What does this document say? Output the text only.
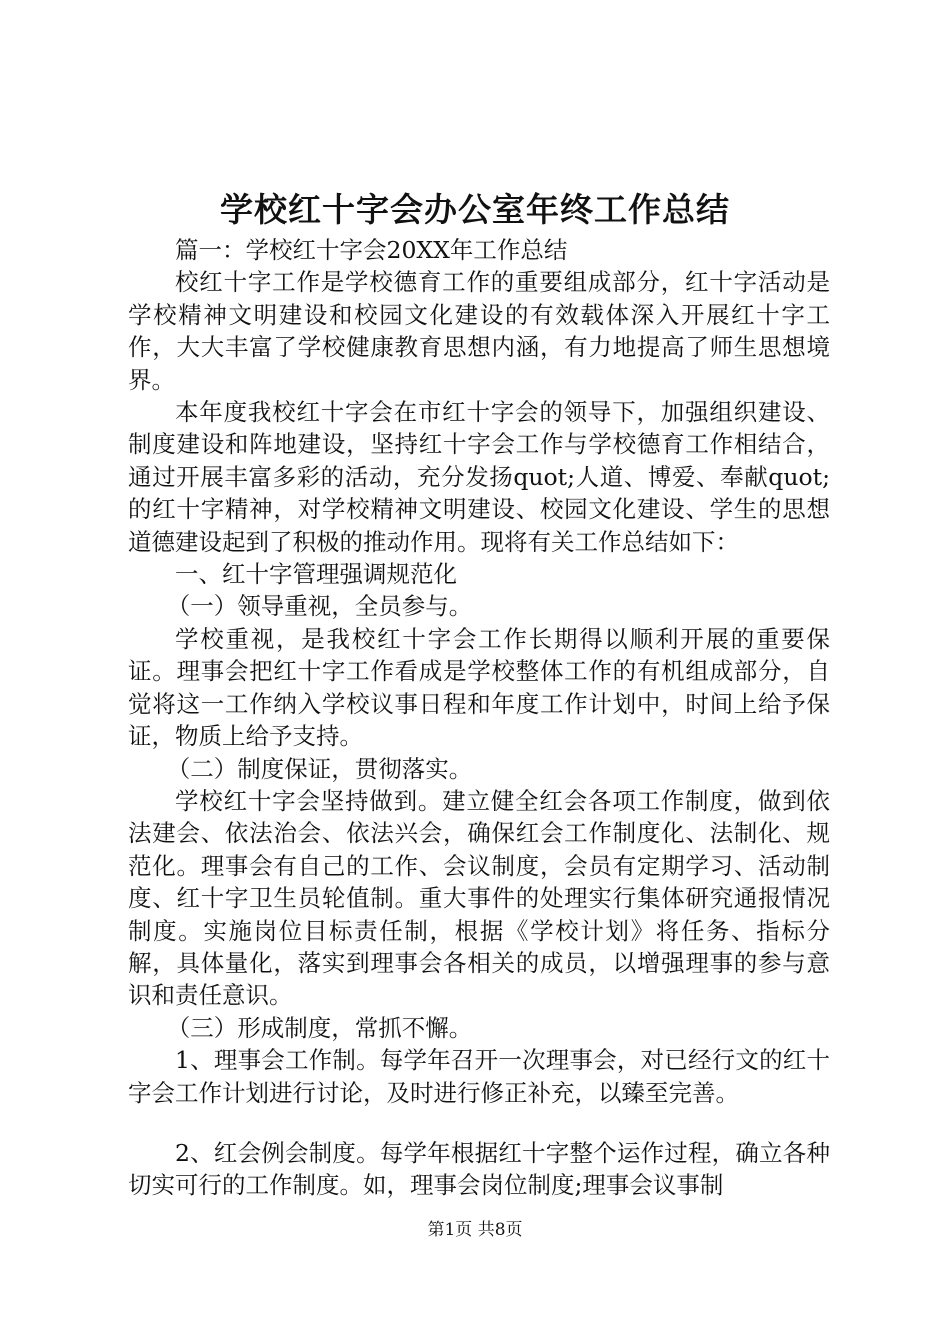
学校红十字会办公室年终工作总结

篇一：学校红十字会20XX年工作总结

校红十字工作是学校德育工作的重要组成部分，红十字活动是学校精神文明建设和校园文化建设的有效载体深入开展红十字工作，大大丰富了学校健康教育思想内涵，有力地提高了师生思想境界。

本年度我校红十字会在市红十字会的领导下，加强组织建设、制度建设和阵地建设，坚持红十字会工作与学校德育工作相结合，通过开展丰富多彩的活动，充分发扬quot;人道、博爱、奉献quot;的红十字精神，对学校精神文明建设、校园文化建设、学生的思想道德建设起到了积极的推动作用。现将有关工作总结如下：

一、红十字管理强调规范化

（一）领导重视，全员参与。

学校重视，是我校红十字会工作长期得以顺利开展的重要保证。理事会把红十字工作看成是学校整体工作的有机组成部分，自觉将这一工作纳入学校议事日程和年度工作计划中，时间上给予保证，物质上给予支持。

（二）制度保证，贯彻落实。

学校红十字会坚持做到。建立健全红会各项工作制度，做到依法建会、依法治会、依法兴会，确保红会工作制度化、法制化、规范化。理事会有自己的工作、会议制度，会员有定期学习、活动制度、红十字卫生员轮值制。重大事件的处理实行集体研究通报情况制度。实施岗位目标责任制，根据《学校计划》将任务、指标分解，具体量化，落实到理事会各相关的成员，以增强理事的参与意识和责任意识。

（三）形成制度，常抓不懈。

1、理事会工作制。每学年召开一次理事会，对已经行文的红十字会工作计划进行讨论，及时进行修正补充，以臻至完善。

2、红会例会制度。每学年根据红十字整个运作过程，确立各种切实可行的工作制度。如，理事会岗位制度;理事会议事制

第1页 共8页
